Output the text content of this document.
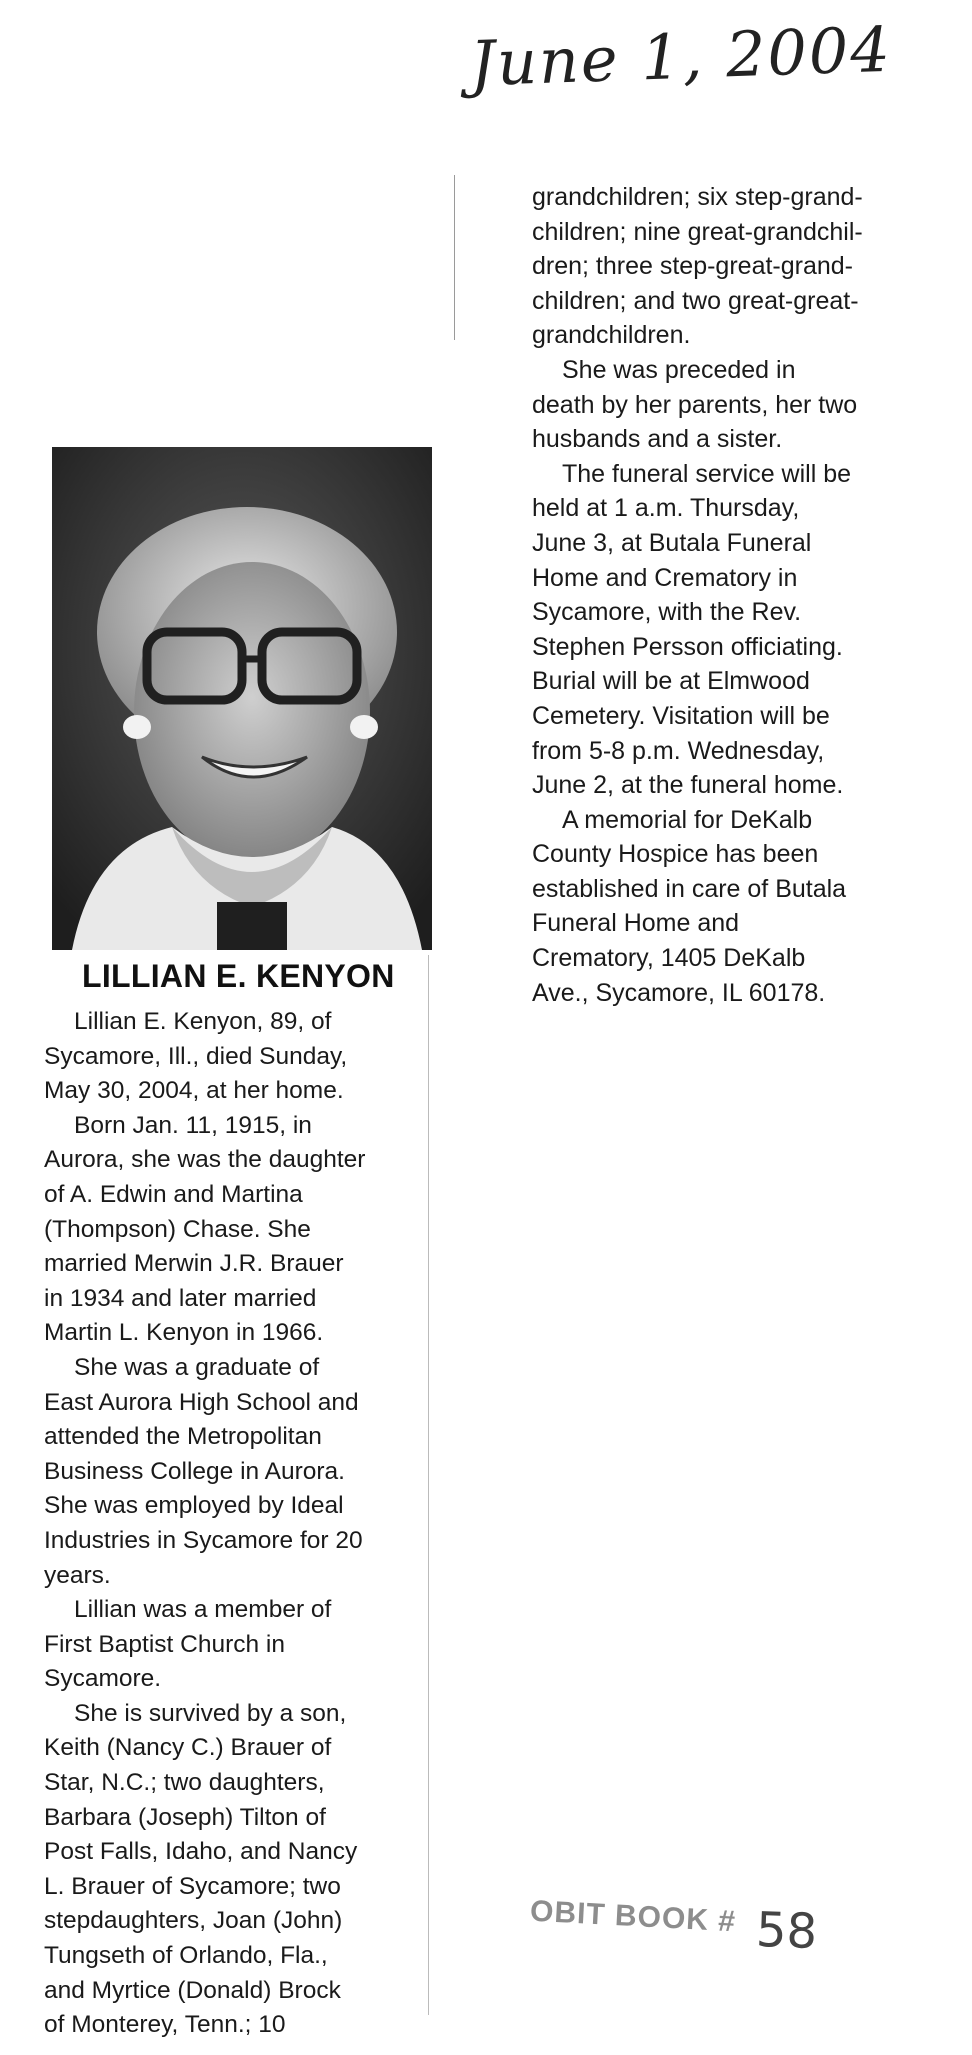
June 1, 2004
LILLIAN E. KENYON
Lillian E. Kenyon, 89, of
Sycamore, Ill., died Sunday,
May 30, 2004, at her home.
Born Jan. 11, 1915, in
Aurora, she was the daughter
of A. Edwin and Martina
(Thompson) Chase. She
married Merwin J.R. Brauer
in 1934 and later married
Martin L. Kenyon in 1966.
She was a graduate of
East Aurora High School and
attended the Metropolitan
Business College in Aurora.
She was employed by Ideal
Industries in Sycamore for 20
years.
Lillian was a member of
First Baptist Church in
Sycamore.
She is survived by a son,
Keith (Nancy C.) Brauer of
Star, N.C.; two daughters,
Barbara (Joseph) Tilton of
Post Falls, Idaho, and Nancy
L. Brauer of Sycamore; two
stepdaughters, Joan (John)
Tungseth of Orlando, Fla.,
and Myrtice (Donald) Brock
of Monterey, Tenn.; 10
grandchildren; six step-grand-
children; nine great-grandchil-
dren; three step-great-grand-
children; and two great-great-
grandchildren.
She was preceded in
death by her parents, her two
husbands and a sister.
The funeral service will be
held at 1 a.m. Thursday,
June 3, at Butala Funeral
Home and Crematory in
Sycamore, with the Rev.
Stephen Persson officiating.
Burial will be at Elmwood
Cemetery. Visitation will be
from 5-8 p.m. Wednesday,
June 2, at the funeral home.
A memorial for DeKalb
County Hospice has been
established in care of Butala
Funeral Home and
Crematory, 1405 DeKalb
Ave., Sycamore, IL 60178.
OBIT BOOK # 58
